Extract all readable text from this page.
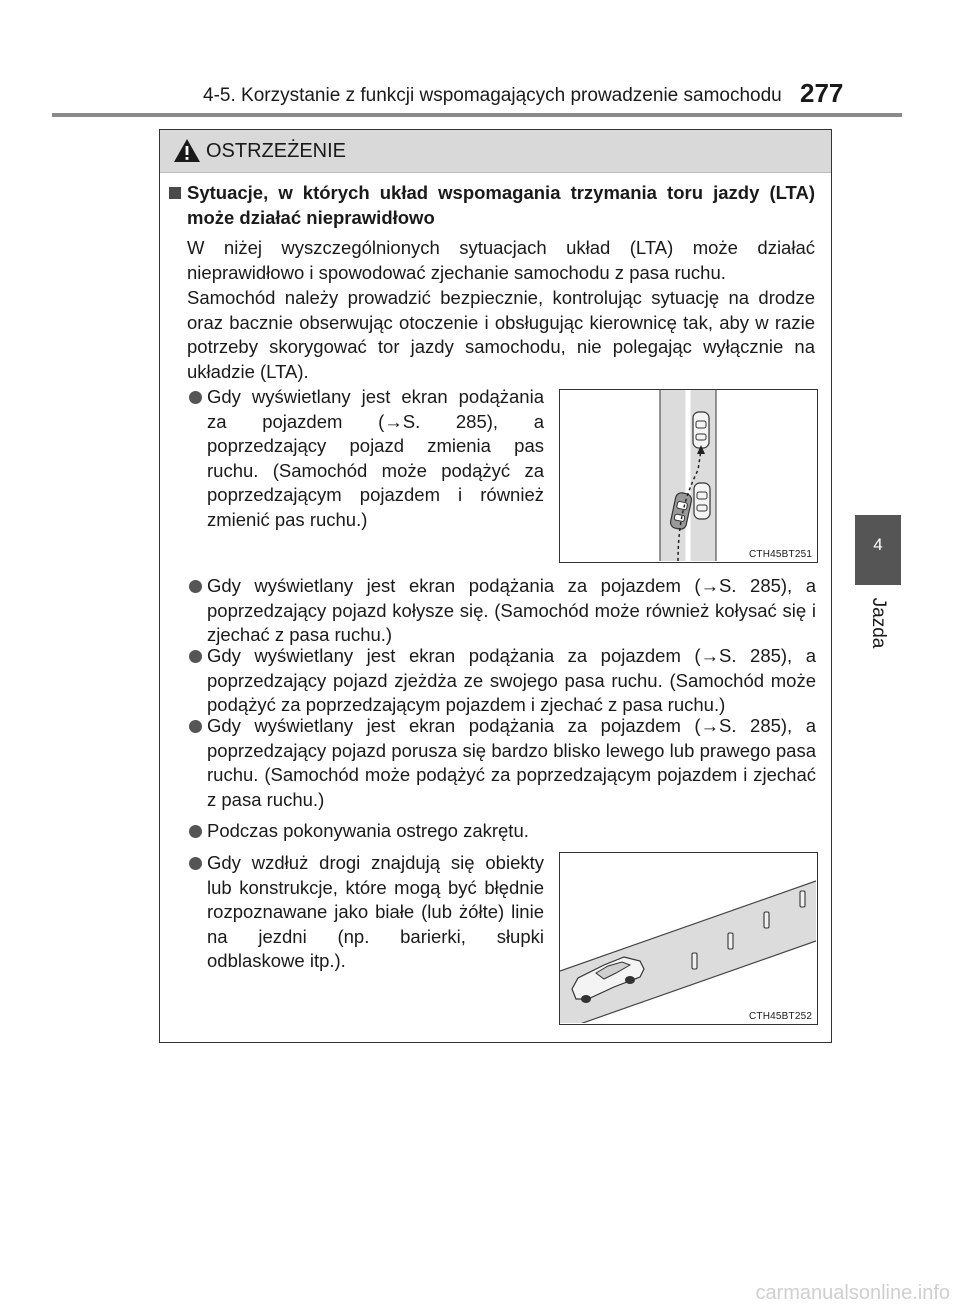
4-5. Korzystanie z funkcji wspomagających prowadzenie samochodu 277
4
Jazda
OSTRZEŻENIE

Sytuacje, w których układ wspomagania trzymania toru jazdy (LTA) może działać nieprawidłowo

W niżej wyszczególnionych sytuacjach układ (LTA) może działać nieprawidłowo i spowodować zjechanie samochodu z pasa ruchu.

Samochód należy prowadzić bezpiecznie, kontrolując sytuację na drodze oraz bacznie obserwując otoczenie i obsługując kierownicę tak, aby w razie potrzeby skorygować tor jazdy samochodu, nie polegając wyłącznie na układzie (LTA).

Gdy wyświetlany jest ekran podążania za pojazdem (→S. 285), a poprzedzający pojazd zmienia pas ruchu. (Samochód może podążyć za poprzedzającym pojazdem i również zmienić pas ruchu.)

Gdy wyświetlany jest ekran podążania za pojazdem (→S. 285), a poprzedzający pojazd kołysze się. (Samochód może również kołysać się i zjechać z pasa ruchu.)

Gdy wyświetlany jest ekran podążania za pojazdem (→S. 285), a poprzedzający pojazd zjeżdża ze swojego pasa ruchu. (Samochód może podążyć za poprzedzającym pojazdem i zjechać z pasa ruchu.)

Gdy wyświetlany jest ekran podążania za pojazdem (→S. 285), a poprzedzający pojazd porusza się bardzo blisko lewego lub prawego pasa ruchu. (Samochód może podążyć za poprzedzającym pojazdem i zjechać z pasa ruchu.)

Podczas pokonywania ostrego zakrętu.

Gdy wzdłuż drogi znajdują się obiekty lub konstrukcje, które mogą być błędnie rozpoznawane jako białe (lub żółte) linie na jezdni (np. barierki, słupki odblaskowe itp.).

CTH45BT251
CTH45BT252
carmanualsonline.info
